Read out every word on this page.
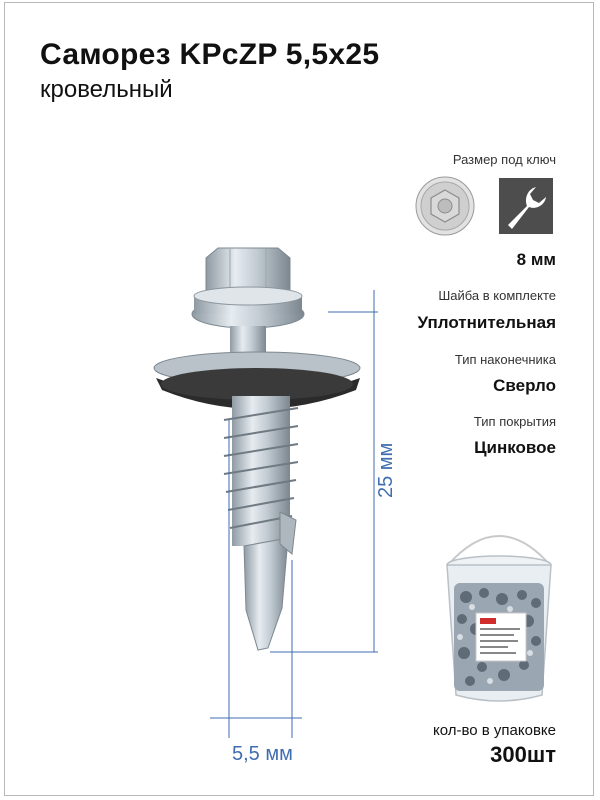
Саморез KPcZP 5,5х25
кровельный
Размер под ключ
8 мм
Шайба в комплекте
Уплотнительная
Тип наконечника
Сверло
Тип покрытия
Цинковое
кол-во в упаковке
300шт
25 мм
5,5 мм
